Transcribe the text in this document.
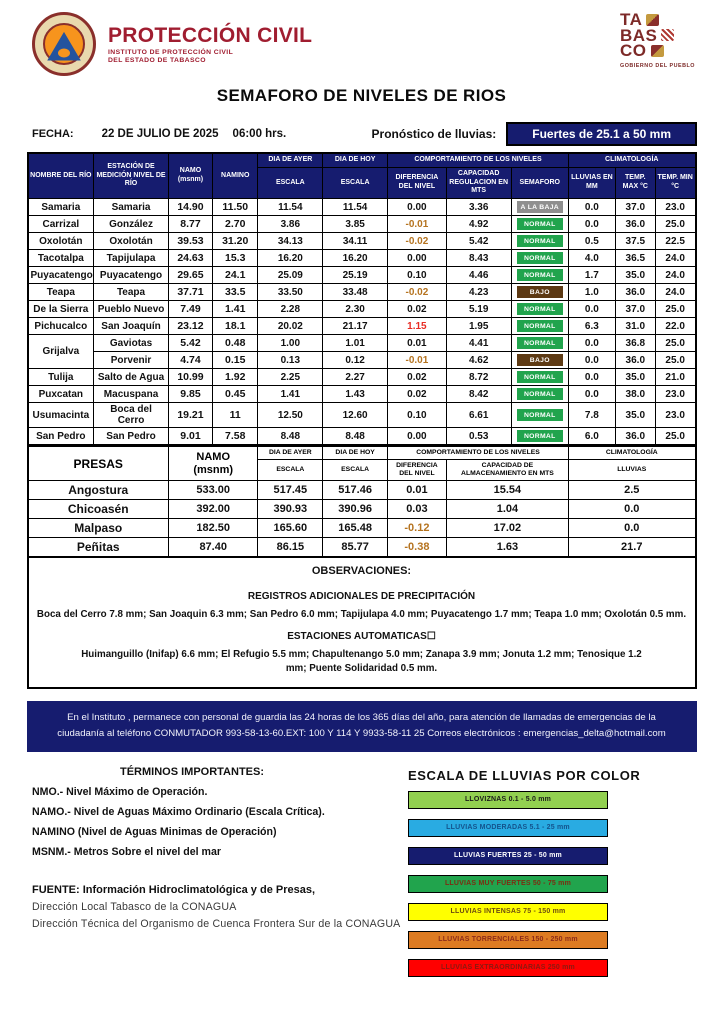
PROTECCIÓN CIVIL
INSTITUTO DE PROTECCIÓN CIVIL
DEL ESTADO DE TABASCO
TA
BAS
CO
GOBIERNO DEL PUEBLO
SEMAFORO DE NIVELES DE RIOS
FECHA: 22 DE JULIO DE 2025 06:00 hrs.	Pronóstico de lluvias:	Fuertes de 25.1 a 50 mm
NOMBRE DEL RÍO	ESTACIÓN DE MEDICIÓN NIVEL DE RÍO	NAMO
(msnm)	NAMINO	DIA DE AYER	DIA DE HOY	COMPORTAMIENTO DE LOS NIVELES			CLIMATOLOGÍA		
				ESCALA	ESCALA	DIFERENCIA DEL NIVEL	CAPACIDAD REGULACION EN MTS	SEMAFORO	LLUVIAS EN MM	TEMP. MAX °C	TEMP. MIN °C
Samaria	Samaria	14.90	11.50	11.54	11.54	0.00	3.36	A LA BAJA	0.0	37.0	23.0
Carrizal	González	8.77	2.70	3.86	3.85	-0.01	4.92	NORMAL	0.0	36.0	25.0
Oxolotán	Oxolotán	39.53	31.20	34.13	34.11	-0.02	5.42	NORMAL	0.5	37.5	22.5
Tacotalpa	Tapijulapa	24.63	15.3	16.20	16.20	0.00	8.43	NORMAL	4.0	36.5	24.0
Puyacatengo	Puyacatengo	29.65	24.1	25.09	25.19	0.10	4.46	NORMAL	1.7	35.0	24.0
Teapa	Teapa	37.71	33.5	33.50	33.48	-0.02	4.23	BAJO	1.0	36.0	24.0
De la Sierra	Pueblo Nuevo	7.49	1.41	2.28	2.30	0.02	5.19	NORMAL	0.0	37.0	25.0
Pichucalco	San Joaquín	23.12	18.1	20.02	21.17	1.15	1.95	NORMAL	6.3	31.0	22.0
Grijalva	Gaviotas	5.42	0.48	1.00	1.01	0.01	4.41	NORMAL	0.0	36.8	25.0
	Porvenir	4.74	0.15	0.13	0.12	-0.01	4.62	BAJO	0.0	36.0	25.0
Tulija	Salto de Agua	10.99	1.92	2.25	2.27	0.02	8.72	NORMAL	0.0	35.0	21.0
Puxcatan	Macuspana	9.85	0.45	1.41	1.43	0.02	8.42	NORMAL	0.0	38.0	23.0
Usumacinta	Boca del Cerro	19.21	11	12.50	12.60	0.10	6.61	NORMAL	7.8	35.0	23.0
San Pedro	San Pedro	9.01	7.58	8.48	8.48	0.00	0.53	NORMAL	6.0	36.0	25.0
PRESAS	NAMO
(msnm)	DIA DE AYER	DIA DE HOY	COMPORTAMIENTO DE LOS NIVELES		CLIMATOLOGÍA
		ESCALA	ESCALA	DIFERENCIA DEL NIVEL	CAPACIDAD DE ALMACENAMIENTO EN MTS	LLUVIAS
Angostura	533.00	517.45	517.46	0.01	15.54	2.5
Chicoasén	392.00	390.93	390.96	0.03	1.04	0.0
Malpaso	182.50	165.60	165.48	-0.12	17.02	0.0
Peñitas	87.40	86.15	85.77	-0.38	1.63	21.7
OBSERVACIONES:
REGISTROS ADICIONALES DE PRECIPITACIÓN
Boca del Cerro 7.8 mm; San Joaquin 6.3 mm; San Pedro 6.0 mm; Tapijulapa 4.0 mm; Puyacatengo 1.7 mm; Teapa 1.0 mm; Oxolotán 0.5 mm.
ESTACIONES AUTOMATICAS☐
Huimanguillo (Inifap) 6.6 mm; El Refugio 5.5 mm; Chapultenango 5.0 mm; Zanapa 3.9 mm; Jonuta 1.2 mm; Tenosique 1.2 mm; Puente Solidaridad 0.5 mm.
En el Instituto , permanece con personal de guardia las 24 horas de los 365 días del año, para atención de llamadas de emergencias de la ciudadanía al teléfono CONMUTADOR 993-58-13-60.EXT: 100 Y 114 Y 9933-58-11 25 Correos electrónicos : emergencias_delta@hotmail.com
TÉRMINOS IMPORTANTES:
NMO.- Nivel Máximo de Operación.
NAMO.- Nivel de Aguas Máximo Ordinario (Escala Crítica).
NAMINO (Nivel de Aguas Minimas de Operación)
MSNM.- Metros Sobre el nivel del mar
FUENTE: Información Hidroclimatológica y de Presas,
Dirección Local Tabasco de la CONAGUA
Dirección Técnica del Organismo de Cuenca Frontera Sur de la CONAGUA
ESCALA DE LLUVIAS POR COLOR
LLOVIZNAS 0.1 - 5.0 mm
LLUVIAS MODERADAS 5.1 - 25 mm
LLUVIAS FUERTES 25 - 50 mm
LLUVIAS MUY FUERTES 50 - 75 mm
LLUVIAS INTENSAS 75 - 150 mm
LLUVIAS TORRENCIALES 150 - 250 mm
LLUVIAS EXTRAORDINARIAS 250 mm
